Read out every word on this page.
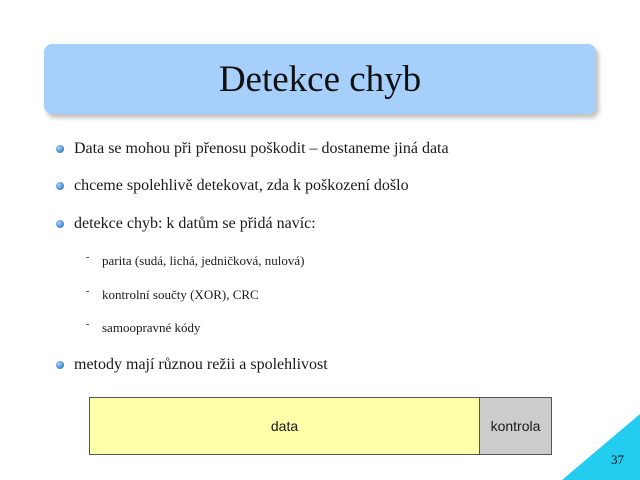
Detekce chyb
Data se mohou při přenosu poškodit – dostaneme jiná data
chceme spolehlivě detekovat, zda k poškození došlo
detekce chyb: k datům se přidá navíc:
- parita (sudá, lichá, jedničková, nulová)
- kontrolní součty (XOR), CRC
- samoopravné kódy
metody mají různou režii a spolehlivost
data	kontrola
37
